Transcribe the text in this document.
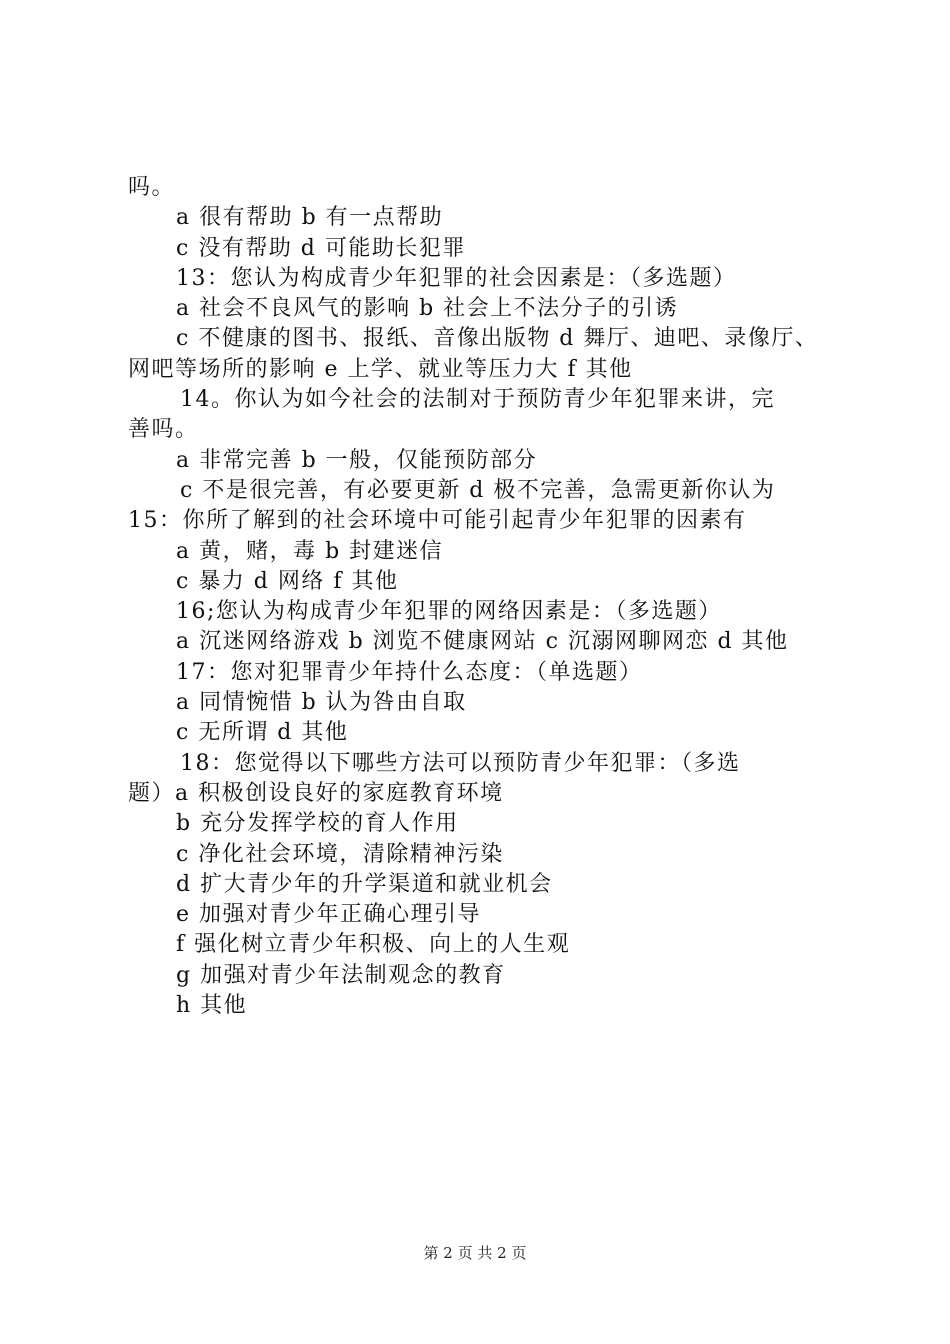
吗。
a 很有帮助 b 有一点帮助
c 没有帮助 d 可能助长犯罪
13：您认为构成青少年犯罪的社会因素是：（多选题）
a 社会不良风气的影响 b 社会上不法分子的引诱
c 不健康的图书、报纸、音像出版物 d 舞厅、迪吧、录像厅、
网吧等场所的影响 e 上学、就业等压力大 f 其他
14。你认为如今社会的法制对于预防青少年犯罪来讲，完
善吗。
a 非常完善 b 一般，仅能预防部分
c 不是很完善，有必要更新 d 极不完善，急需更新你认为
15：你所了解到的社会环境中可能引起青少年犯罪的因素有
a 黄，赌，毒 b 封建迷信
c 暴力 d 网络 f 其他
16;您认为构成青少年犯罪的网络因素是：（多选题）
a 沉迷网络游戏 b 浏览不健康网站 c 沉溺网聊网恋 d 其他
17：您对犯罪青少年持什么态度：（单选题）
a 同情惋惜 b 认为咎由自取
c 无所谓 d 其他
18：您觉得以下哪些方法可以预防青少年犯罪：（多选
题）a 积极创设良好的家庭教育环境
b 充分发挥学校的育人作用
c 净化社会环境，清除精神污染
d 扩大青少年的升学渠道和就业机会
e 加强对青少年正确心理引导
f 强化树立青少年积极、向上的人生观
g 加强对青少年法制观念的教育
h 其他
第 2 页 共 2 页
